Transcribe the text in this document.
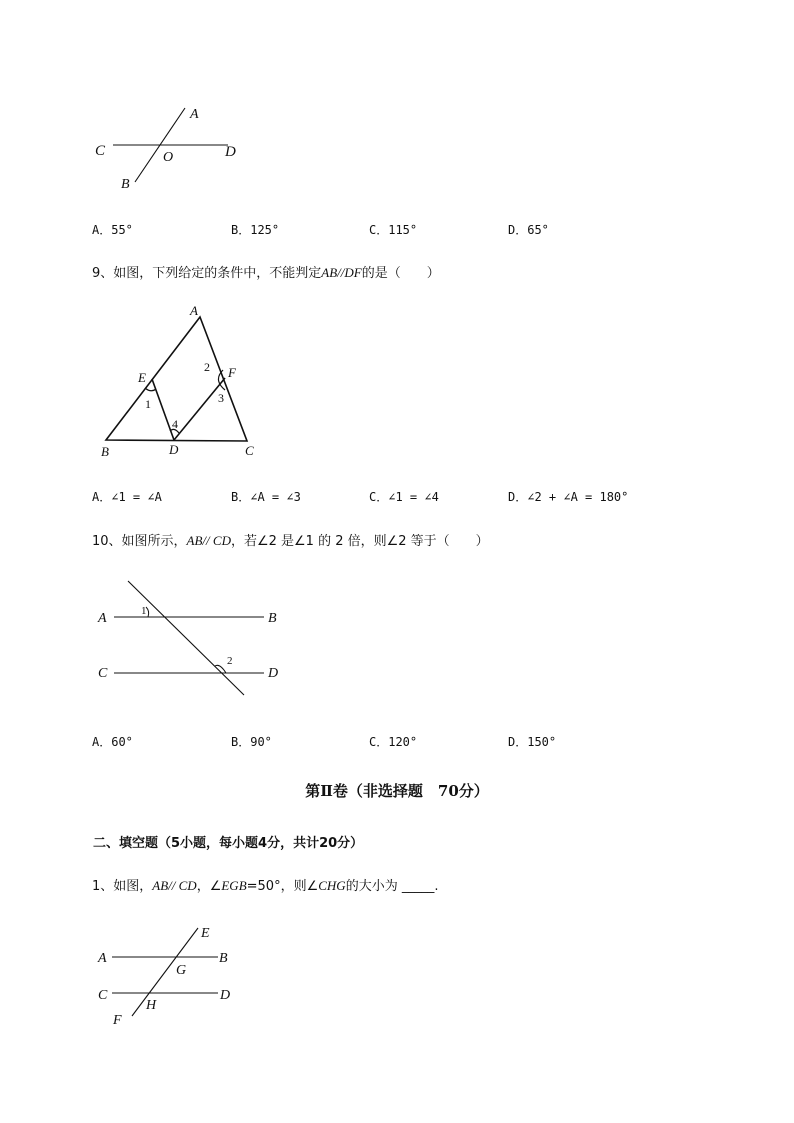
A
C	O	D
B
A．55°	B．125°	C．115°	D．65°
9、如图，下列给定的条件中，不能判定AB//DF的是（　　）
A
E	F
1
2
3
4
B	D	C
A．∠1 = ∠A	B．∠A = ∠3	C．∠1 = ∠4	D．∠2 + ∠A = 180°
10、如图所示，AB// CD，若∠2 是∠1 的 2 倍，则∠2 等于（　　）
A	1	B
C
2
D
A．60°	B．90°	C．120°	D．150°
第Ⅱ卷（非选择题　70分）
二、填空题（5小题，每小题4分，共计20分）
1、如图，AB// CD，∠EGB=50°，则∠CHG的大小为 _____.
E
A	B
G
C	D
H
F
